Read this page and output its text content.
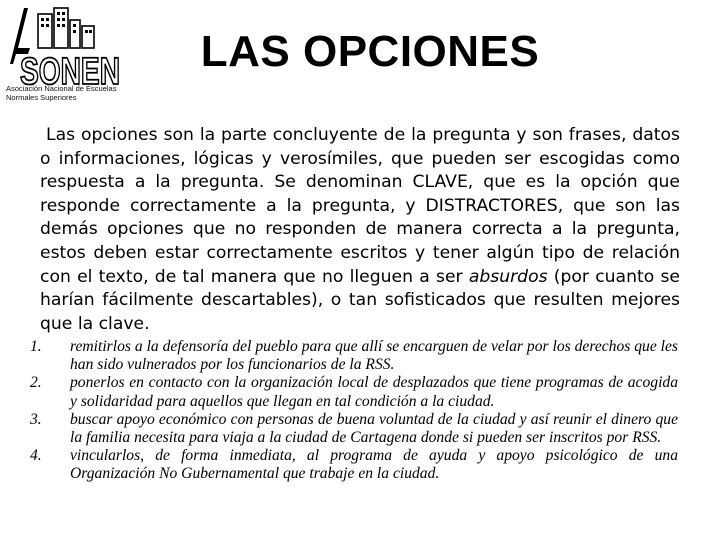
SONEN
Asociación Nacional de Escuelas Normales Superiores
LAS OPCIONES

Las opciones son la parte concluyente de la pregunta y son frases, datos o informaciones, lógicas y verosímiles, que pueden ser escogidas como respuesta a la pregunta. Se denominan CLAVE, que es la opción que responde correctamente a la pregunta, y DISTRACTORES, que son las demás opciones que no responden de manera correcta a la pregunta, estos deben estar correctamente escritos y tener algún tipo de relación con el texto, de tal manera que no lleguen a ser absurdos (por cuanto se harían fácilmente descartables), o tan sofisticados que resulten mejores que la clave.

1.	remitirlos a la defensoría del pueblo para que allí se encarguen de velar por los derechos que les han sido vulnerados por los funcionarios de la RSS.
2.	ponerlos en contacto con la organización local de desplazados que tiene programas de acogida y solidaridad para aquellos que llegan en tal condición a la ciudad.
3.	buscar apoyo económico con personas de buena voluntad de la ciudad y así reunir el dinero que la familia necesita para viaja a la ciudad de Cartagena donde si pueden ser inscritos por RSS.
4.	vincularlos, de forma inmediata, al programa de ayuda y apoyo psicológico de una Organización No Gubernamental que trabaje en la ciudad.
